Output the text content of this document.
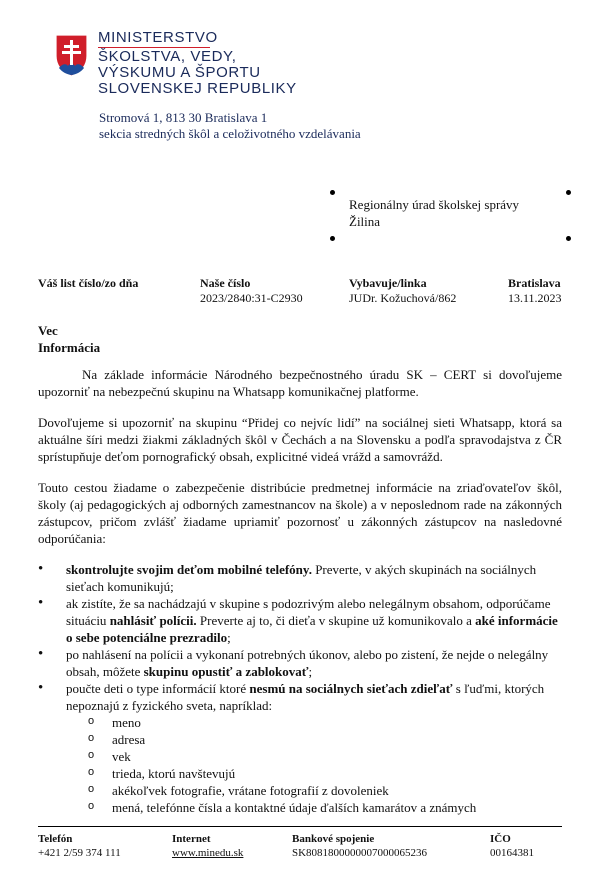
MINISTERSTVO
ŠKOLSTVA, VEDY,
VÝSKUMU A ŠPORTU
SLOVENSKEJ REPUBLIKY
Stromová 1, 813 30 Bratislava 1
sekcia stredných škôl a celoživotného vzdelávania
Regionálny úrad školskej správy
Žilina
Váš list číslo/zo dňa	Naše číslo
2023/2840:31-C2930
Vybavuje/linka
JUDr. Kožuchová/862
Bratislava
13.11.2023
Vec
Informácia

Na základe informácie Národného bezpečnostného úradu SK – CERT si dovoľujeme upozorniť na nebezpečnú skupinu na Whatsapp komunikačnej platforme.

Dovoľujeme si upozorniť na skupinu “Přidej co nejvíc lidí” na sociálnej sieti Whatsapp, ktorá sa aktuálne šíri medzi žiakmi základných škôl v Čechách a na Slovensku a podľa spravodajstva z ČR sprístupňuje deťom pornografický obsah, explicitné videá vrážd a samovrážd.

Touto cestou žiadame o zabezpečenie distribúcie predmetnej informácie na zriaďovateľov škôl, školy (aj pedagogických aj odborných zamestnancov na škole) a v neposlednom rade na zákonných zástupcov, pričom zvlášť žiadame upriamiť pozornosť u zákonných zástupcov na nasledovné odporúčania:

• skontrolujte svojim deťom mobilné telefóny. Preverte, v akých skupinách na sociálnych sieťach komunikujú;
• ak zistíte, že sa nachádzajú v skupine s podozrivým alebo nelegálnym obsahom, odporúčame situáciu nahlásiť polícii. Preverte aj to, či dieťa v skupine už komunikovalo a aké informácie o sebe potenciálne prezradilo;
• po nahlásení na polícii a vykonaní potrebných úkonov, alebo po zistení, že nejde o nelegálny obsah, môžete skupinu opustiť a zablokovať;
• poučte deti o type informácií ktoré nesmú na sociálnych sieťach zdieľať s ľuďmi, ktorých nepoznajú z fyzického sveta, napríklad:
o meno
o adresa
o vek
o trieda, ktorú navštevujú
o akékoľvek fotografie, vrátane fotografií z dovoleniek
o mená, telefónne čísla a kontaktné údaje ďalších kamarátov a známych
Telefón
+421 2/59 374 111
Internet
www.minedu.sk
Bankové spojenie
SK8081800000007000065236
IČO
00164381
